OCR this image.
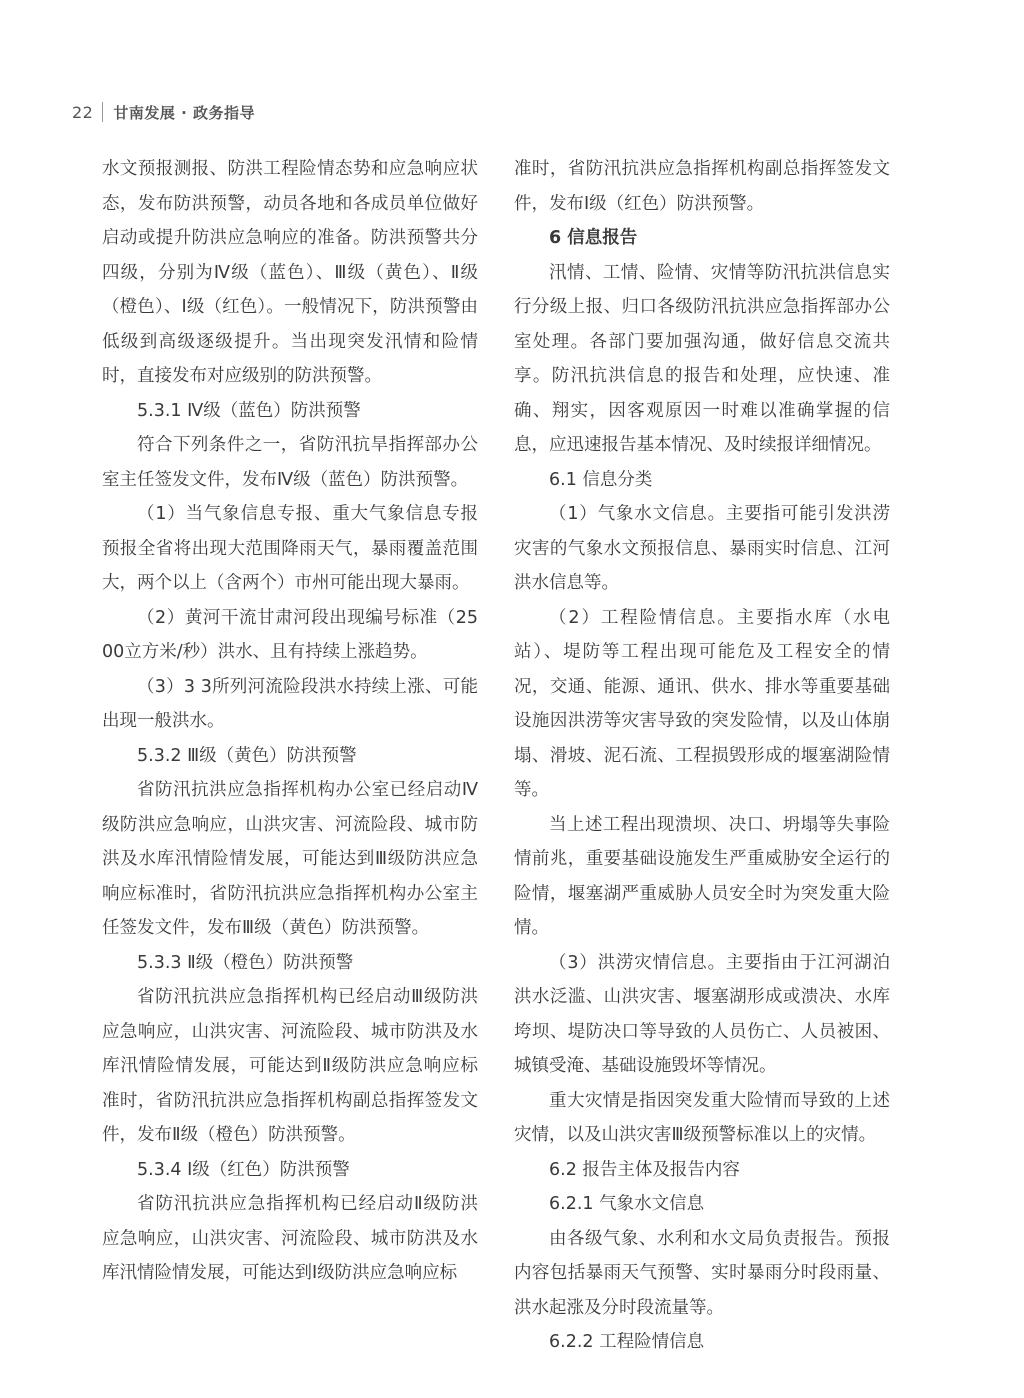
22 甘南发展 · 政务指导

水文预报测报、防洪工程险情态势和应急响应状态，发布防洪预警，动员各地和各成员单位做好启动或提升防洪应急响应的准备。防洪预警共分四级，分别为Ⅳ级（蓝色）、Ⅲ级（黄色）、Ⅱ级（橙色）、Ⅰ级（红色）。一般情况下，防洪预警由低级到高级逐级提升。当出现突发汛情和险情时，直接发布对应级别的防洪预警。

5.3.1 Ⅳ级（蓝色）防洪预警

符合下列条件之一，省防汛抗旱指挥部办公室主任签发文件，发布Ⅳ级（蓝色）防洪预警。

（1）当气象信息专报、重大气象信息专报预报全省将出现大范围降雨天气，暴雨覆盖范围大，两个以上（含两个）市州可能出现大暴雨。

（2）黄河干流甘肃河段出现编号标准（2500立方米/秒）洪水、且有持续上涨趋势。

（3）3 3所列河流险段洪水持续上涨、可能出现一般洪水。

5.3.2 Ⅲ级（黄色）防洪预警

省防汛抗洪应急指挥机构办公室已经启动Ⅳ级防洪应急响应，山洪灾害、河流险段、城市防洪及水库汛情险情发展，可能达到Ⅲ级防洪应急响应标准时，省防汛抗洪应急指挥机构办公室主任签发文件，发布Ⅲ级（黄色）防洪预警。

5.3.3 Ⅱ级（橙色）防洪预警

省防汛抗洪应急指挥机构已经启动Ⅲ级防洪应急响应，山洪灾害、河流险段、城市防洪及水库汛情险情发展，可能达到Ⅱ级防洪应急响应标准时，省防汛抗洪应急指挥机构副总指挥签发文件，发布Ⅱ级（橙色）防洪预警。

5.3.4 Ⅰ级（红色）防洪预警

省防汛抗洪应急指挥机构已经启动Ⅱ级防洪应急响应，山洪灾害、河流险段、城市防洪及水库汛情险情发展，可能达到Ⅰ级防洪应急响应标

准时，省防汛抗洪应急指挥机构副总指挥签发文件，发布Ⅰ级（红色）防洪预警。

6 信息报告

汛情、工情、险情、灾情等防汛抗洪信息实行分级上报、归口各级防汛抗洪应急指挥部办公室处理。各部门要加强沟通，做好信息交流共享。防汛抗洪信息的报告和处理，应快速、准确、翔实，因客观原因一时难以准确掌握的信息，应迅速报告基本情况、及时续报详细情况。

6.1 信息分类

（1）气象水文信息。主要指可能引发洪涝灾害的气象水文预报信息、暴雨实时信息、江河洪水信息等。

（2）工程险情信息。主要指水库（水电站）、堤防等工程出现可能危及工程安全的情况，交通、能源、通讯、供水、排水等重要基础设施因洪涝等灾害导致的突发险情，以及山体崩塌、滑坡、泥石流、工程损毁形成的堰塞湖险情等。

当上述工程出现溃坝、决口、坍塌等失事险情前兆，重要基础设施发生严重威胁安全运行的险情，堰塞湖严重威胁人员安全时为突发重大险情。

（3）洪涝灾情信息。主要指由于江河湖泊洪水泛滥、山洪灾害、堰塞湖形成或溃决、水库垮坝、堤防决口等导致的人员伤亡、人员被困、城镇受淹、基础设施毁坏等情况。

重大灾情是指因突发重大险情而导致的上述灾情，以及山洪灾害Ⅲ级预警标准以上的灾情。

6.2 报告主体及报告内容

6.2.1 气象水文信息

由各级气象、水利和水文局负责报告。预报内容包括暴雨天气预警、实时暴雨分时段雨量、洪水起涨及分时段流量等。

6.2.2 工程险情信息
